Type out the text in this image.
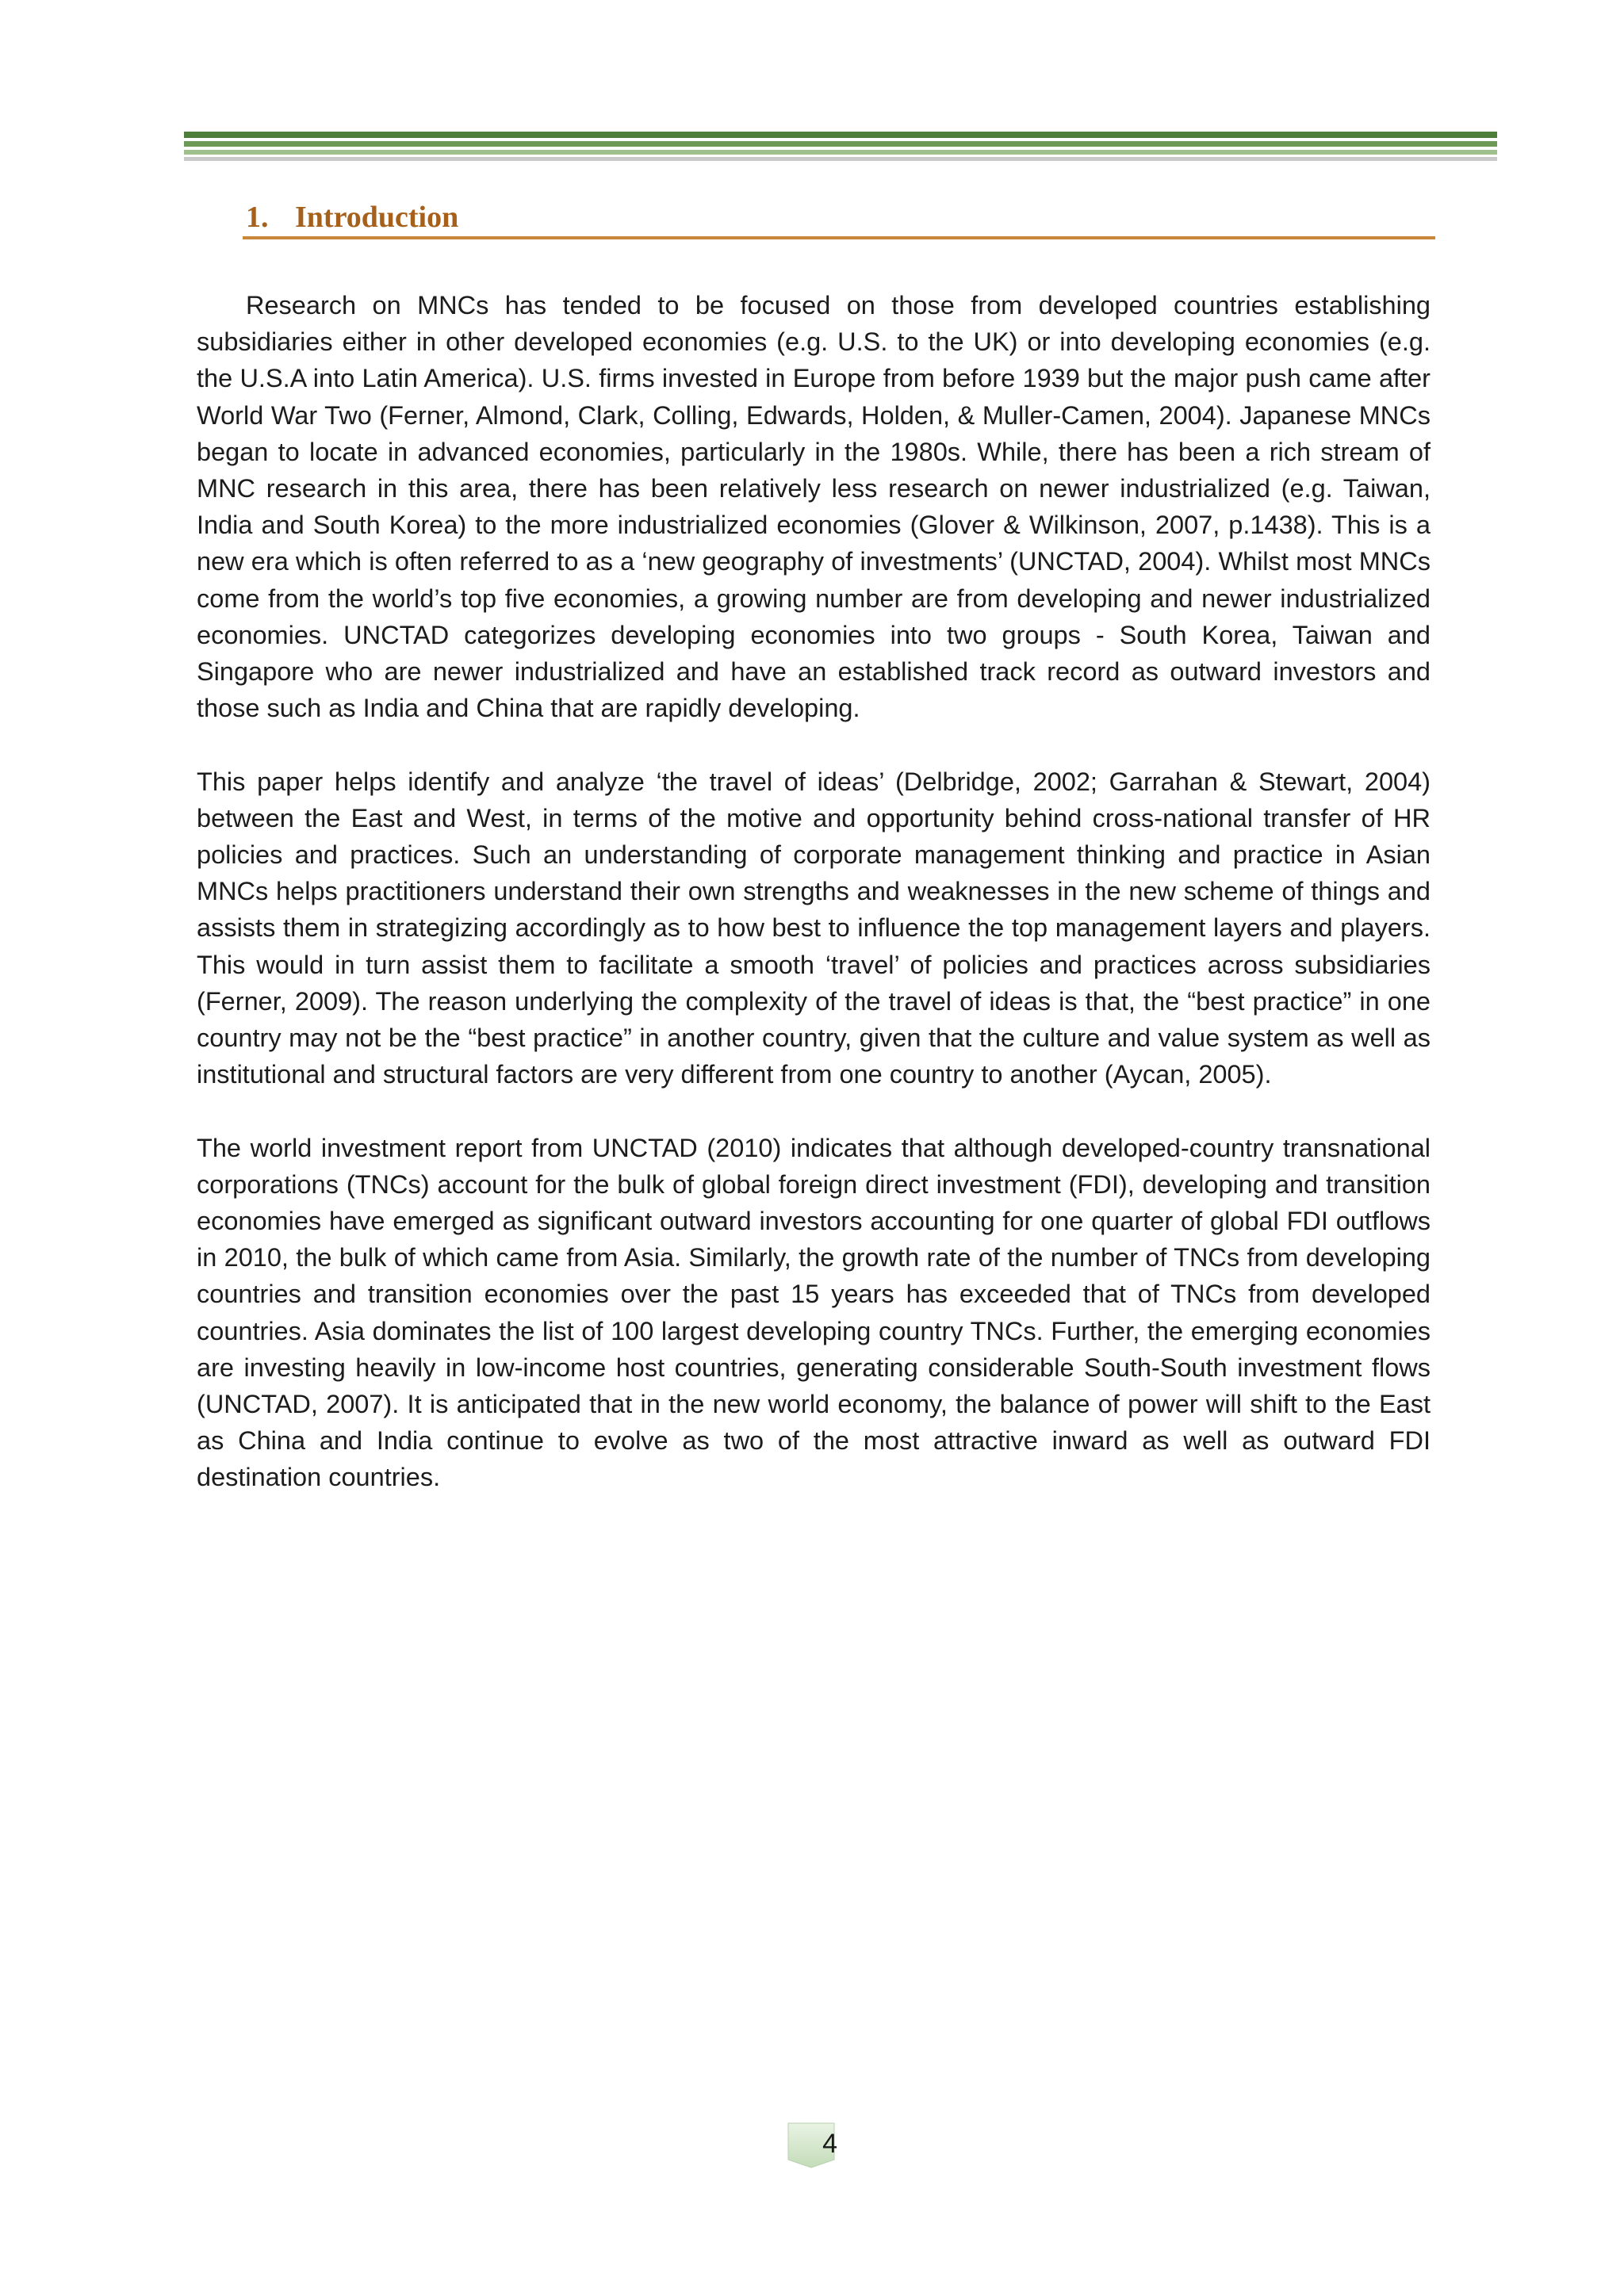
1. Introduction

Research on MNCs has tended to be focused on those from developed countries establishing subsidiaries either in other developed economies (e.g. U.S. to the UK) or into developing economies (e.g. the U.S.A into Latin America). U.S. firms invested in Europe from before 1939 but the major push came after World War Two (Ferner, Almond, Clark, Colling, Edwards, Holden, & Muller-Camen, 2004). Japanese MNCs began to locate in advanced economies, particularly in the 1980s. While, there has been a rich stream of MNC research in this area, there has been relatively less research on newer industrialized (e.g. Taiwan, India and South Korea) to the more industrialized economies (Glover & Wilkinson, 2007, p.1438). This is a new era which is often referred to as a ‘new geography of investments’ (UNCTAD, 2004). Whilst most MNCs come from the world’s top five economies, a growing number are from developing and newer industrialized economies. UNCTAD categorizes developing economies into two groups - South Korea, Taiwan and Singapore who are newer industrialized and have an established track record as outward investors and those such as India and China that are rapidly developing.

This paper helps identify and analyze ‘the travel of ideas’ (Delbridge, 2002; Garrahan & Stewart, 2004) between the East and West, in terms of the motive and opportunity behind cross-national transfer of HR policies and practices. Such an understanding of corporate management thinking and practice in Asian MNCs helps practitioners understand their own strengths and weaknesses in the new scheme of things and assists them in strategizing accordingly as to how best to influence the top management layers and players. This would in turn assist them to facilitate a smooth ‘travel’ of policies and practices across subsidiaries (Ferner, 2009). The reason underlying the complexity of the travel of ideas is that, the “best practice” in one country may not be the “best practice” in another country, given that the culture and value system as well as institutional and structural factors are very different from one country to another (Aycan, 2005).

The world investment report from UNCTAD (2010) indicates that although developed-country transnational corporations (TNCs) account for the bulk of global foreign direct investment (FDI), developing and transition economies have emerged as significant outward investors accounting for one quarter of global FDI outflows in 2010, the bulk of which came from Asia. Similarly, the growth rate of the number of TNCs from developing countries and transition economies over the past 15 years has exceeded that of TNCs from developed countries. Asia dominates the list of 100 largest developing country TNCs. Further, the emerging economies are investing heavily in low-income host countries, generating considerable South-South investment flows (UNCTAD, 2007). It is anticipated that in the new world economy, the balance of power will shift to the East as China and India continue to evolve as two of the most attractive inward as well as outward FDI destination countries.

4
